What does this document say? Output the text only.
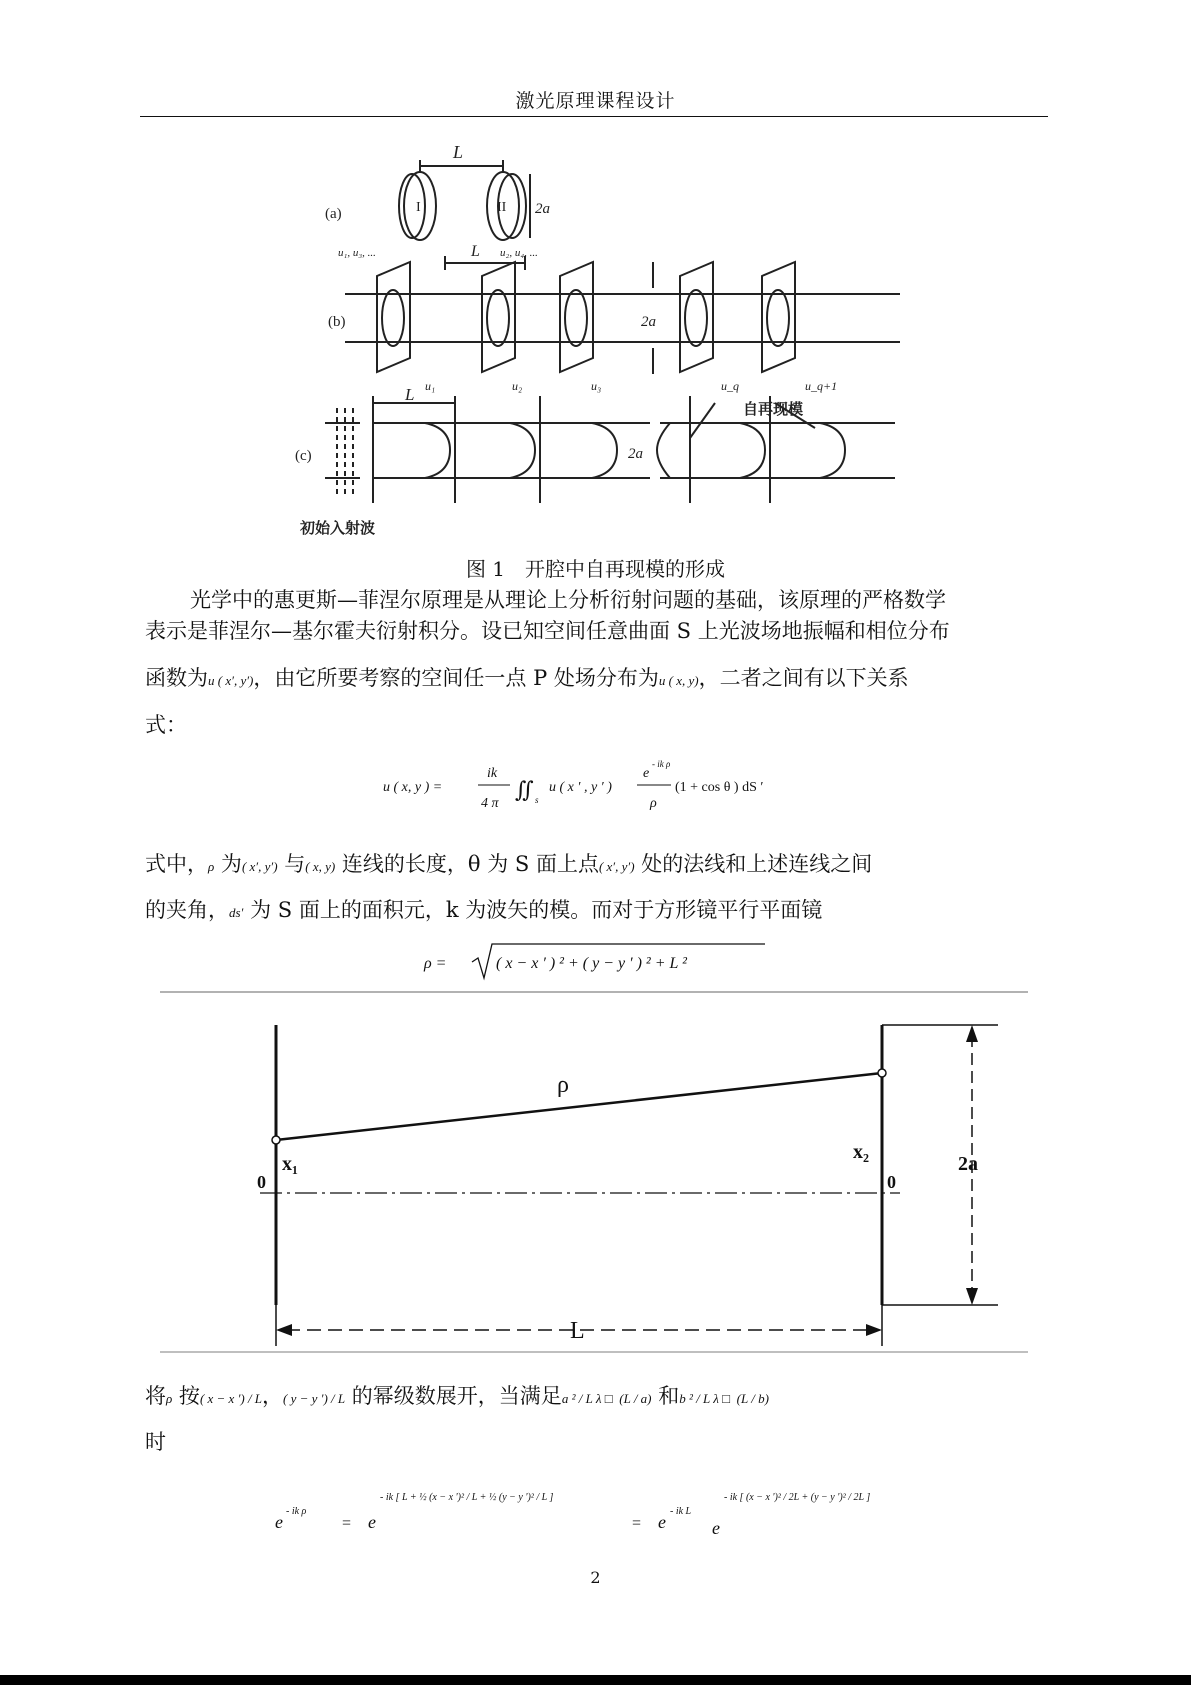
激光原理课程设计
(a)
L
I	II 2a
u₁, u₃, ...	u₂, u₄, ...
L
(b)	2a
u₁	u₂	u₃	u_q	u_q+1
L
自再现模
(c)	2a
初始入射波
图 1　开腔中自再现模的形成
光学中的惠更斯—菲涅尔原理是从理论上分析衍射问题的基础，该原理的严格数学
表示是菲涅尔—基尔霍夫衍射积分。设已知空间任意曲面 S 上光波场地振幅和相位分布
函数为u ( x′, y′)，由它所要考察的空间任一点 P 处场分布为u ( x, y)，二者之间有以下关系
式：
u ( x, y ) =
ik
4 π
∬ s
u ( x ′ , y ′ )
e
- ik ρ
ρ
(1 + cos θ ) dS ′
式中，ρ 为( x′, y′) 与( x, y) 连线的长度，θ 为 S 面上点( x′, y′) 处的法线和上述连线之间
的夹角，ds′ 为 S 面上的面积元，k 为波矢的模。而对于方形镜平行平面镜
ρ =	( x − x ′ ) ² + ( y − y ′ ) ² + L ²
ρ
x₁
x₂
0	0
2a
L
将ρ 按( x − x ') / L，( y − y ') / L 的幂级数展开，当满足a ² / L λ □ (L / a) 和b ² / L λ □ (L / b)
时
e
- ik ρ
= e
- ik [ L + ½ (x − x ')² / L + ½ (y − y ')² / L ]
= e
- ik L
e
- ik [ (x − x ')² / 2L + (y − y ')² / 2L ]
2
